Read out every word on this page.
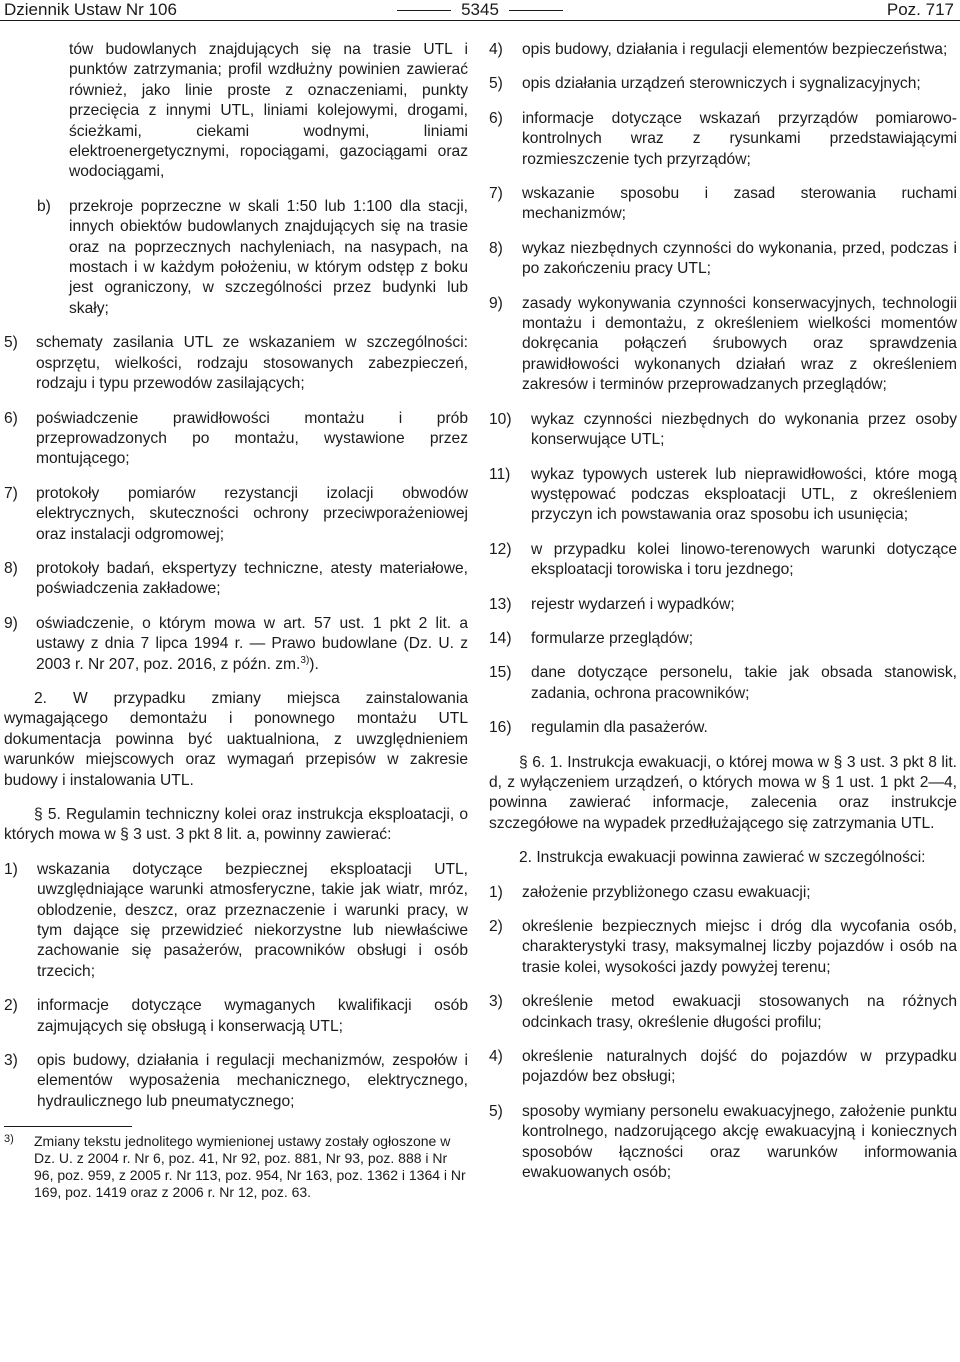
Dziennik Ustaw Nr 106	5345	Poz. 717

tów budowlanych znajdujących się na trasie UTL i punktów zatrzymania; profil wzdłużny powinien zawierać również, jako linie proste z oznaczeniami, punkty przecięcia z innymi UTL, liniami kolejowymi, drogami, ścieżkami, ciekami wodnymi, liniami elektroenergetycznymi, ropociągami, gazociągami oraz wodociągami,

b) przekroje poprzeczne w skali 1:50 lub 1:100 dla stacji, innych obiektów budowlanych znajdujących się na trasie oraz na poprzecznych nachyleniach, na nasypach, na mostach i w każdym położeniu, w którym odstęp z boku jest ograniczony, w szczególności przez budynki lub skały;
5) schematy zasilania UTL ze wskazaniem w szczególności: osprzętu, wielkości, rodzaju stosowanych zabezpieczeń, rodzaju i typu przewodów zasilających;
6) poświadczenie prawidłowości montażu i prób przeprowadzonych po montażu, wystawione przez montującego;
7) protokoły pomiarów rezystancji izolacji obwodów elektrycznych, skuteczności ochrony przeciwporażeniowej oraz instalacji odgromowej;
8) protokoły badań, ekspertyzy techniczne, atesty materiałowe, poświadczenia zakładowe;
9) oświadczenie, o którym mowa w art. 57 ust. 1 pkt 2 lit. a ustawy z dnia 7 lipca 1994 r. — Prawo budowlane (Dz. U. z 2003 r. Nr 207, poz. 2016, z późn. zm.$^{3)}$).

2. W przypadku zmiany miejsca zainstalowania wymagającego demontażu i ponownego montażu UTL dokumentacja powinna być uaktualniona, z uwzględnieniem warunków miejscowych oraz wymagań przepisów w zakresie budowy i instalowania UTL.

§ 5. Regulamin techniczny kolei oraz instrukcja eksploatacji, o których mowa w § 3 ust. 3 pkt 8 lit. a, powinny zawierać:

1) wskazania dotyczące bezpiecznej eksploatacji UTL, uwzględniające warunki atmosferyczne, takie jak wiatr, mróz, oblodzenie, deszcz, oraz przeznaczenie i warunki pracy, w tym dające się przewidzieć niekorzystne lub niewłaściwe zachowanie się pasażerów, pracowników obsługi i osób trzecich;
2) informacje dotyczące wymaganych kwalifikacji osób zajmujących się obsługą i konserwacją UTL;
3) opis budowy, działania i regulacji mechanizmów, zespołów i elementów wyposażenia mechanicznego, elektrycznego, hydraulicznego lub pneumatycznego;
3) Zmiany tekstu jednolitego wymienionej ustawy zostały ogłoszone w Dz. U. z 2004 r. Nr 6, poz. 41, Nr 92, poz. 881, Nr 93, poz. 888 i Nr 96, poz. 959, z 2005 r. Nr 113, poz. 954, Nr 163, poz. 1362 i 1364 i Nr 169, poz. 1419 oraz z 2006 r. Nr 12, poz. 63.
4) opis budowy, działania i regulacji elementów bezpieczeństwa;
5) opis działania urządzeń sterowniczych i sygnalizacyjnych;
6) informacje dotyczące wskazań przyrządów pomiarowo-kontrolnych wraz z rysunkami przedstawiającymi rozmieszczenie tych przyrządów;
7) wskazanie sposobu i zasad sterowania ruchami mechanizmów;
8) wykaz niezbędnych czynności do wykonania, przed, podczas i po zakończeniu pracy UTL;
9) zasady wykonywania czynności konserwacyjnych, technologii montażu i demontażu, z określeniem wielkości momentów dokręcania połączeń śrubowych oraz sprawdzenia prawidłowości wykonanych działań wraz z określeniem zakresów i terminów przeprowadzanych przeglądów;
10) wykaz czynności niezbędnych do wykonania przez osoby konserwujące UTL;
11) wykaz typowych usterek lub nieprawidłowości, które mogą występować podczas eksploatacji UTL, z określeniem przyczyn ich powstawania oraz sposobu ich usunięcia;
12) w przypadku kolei linowo-terenowych warunki dotyczące eksploatacji torowiska i toru jezdnego;
13) rejestr wydarzeń i wypadków;
14) formularze przeglądów;
15) dane dotyczące personelu, takie jak obsada stanowisk, zadania, ochrona pracowników;
16) regulamin dla pasażerów.

§ 6. 1. Instrukcja ewakuacji, o której mowa w § 3 ust. 3 pkt 8 lit. d, z wyłączeniem urządzeń, o których mowa w § 1 ust. 1 pkt 2—4, powinna zawierać informacje, zalecenia oraz instrukcje szczegółowe na wypadek przedłużającego się zatrzymania UTL.

2. Instrukcja ewakuacji powinna zawierać w szczególności:

1) założenie przybliżonego czasu ewakuacji;
2) określenie bezpiecznych miejsc i dróg dla wycofania osób, charakterystyki trasy, maksymalnej liczby pojazdów i osób na trasie kolei, wysokości jazdy powyżej terenu;
3) określenie metod ewakuacji stosowanych na różnych odcinkach trasy, określenie długości profilu;
4) określenie naturalnych dojść do pojazdów w przypadku pojazdów bez obsługi;
5) sposoby wymiany personelu ewakuacyjnego, założenie punktu kontrolnego, nadzorującego akcję ewakuacyjną i koniecznych sposobów łączności oraz warunków informowania ewakuowanych osób;
